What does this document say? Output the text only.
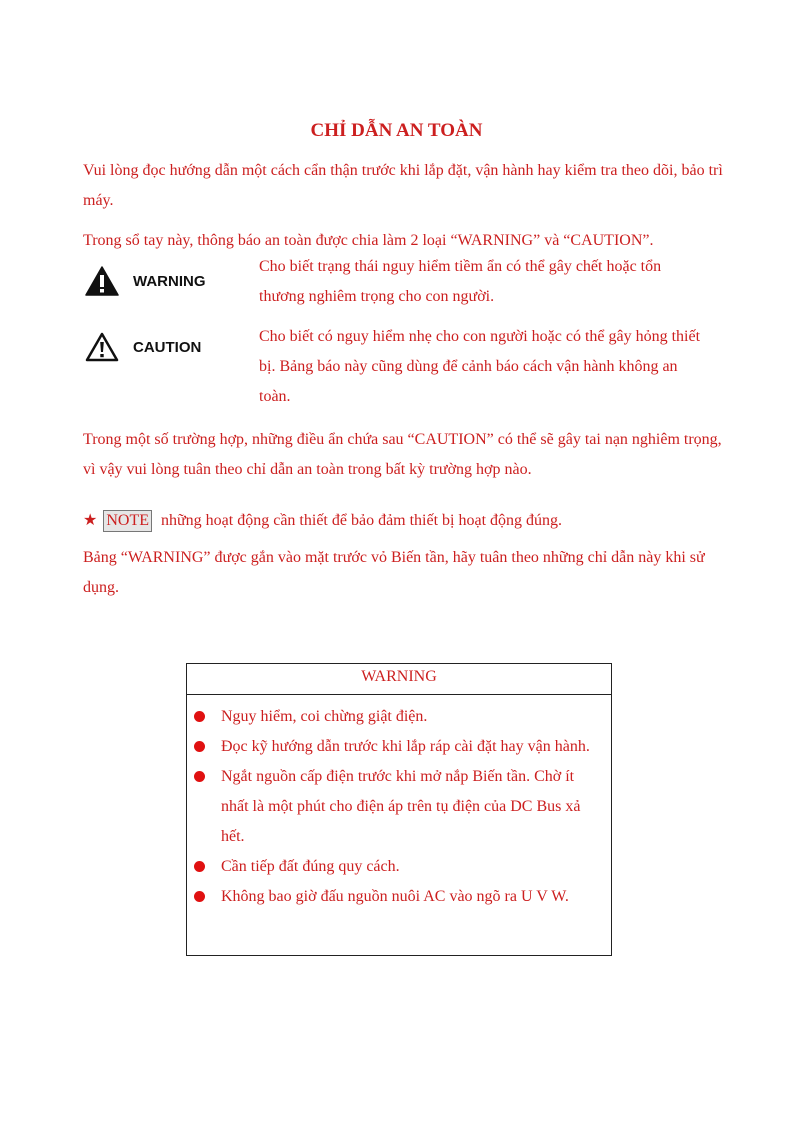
CHỈ DẪN AN TOÀN
Vui lòng đọc hướng dẫn một cách cẩn thận trước khi lắp đặt, vận hành hay kiểm tra theo dõi, bảo trì máy.
Trong sổ tay này, thông báo an toàn được chia làm 2 loại “WARNING” và “CAUTION”.
WARNING
Cho biết trạng thái nguy hiểm tiềm ẩn có thể gây chết hoặc tổn thương nghiêm trọng cho con người.
CAUTION
Cho biết có nguy hiểm nhẹ cho con người hoặc có thể gây hỏng thiết bị. Bảng báo này cũng dùng để cảnh báo cách vận hành không an toàn.
Trong một số trường hợp, những điều ẩn chứa sau “CAUTION” có thể sẽ gây tai nạn nghiêm trọng, vì vậy vui lòng tuân theo chỉ dẫn an toàn trong bất kỳ trường hợp nào.
★ NOTE những hoạt động cần thiết để bảo đảm thiết bị hoạt động đúng.
Bảng “WARNING” được gắn vào mặt trước vỏ Biến tần, hãy tuân theo những chỉ dẫn này khi sử dụng.
WARNING
Nguy hiểm, coi chừng giật điện.
Đọc kỹ hướng dẫn trước khi lắp ráp cài đặt hay vận hành.
Ngắt nguồn cấp điện trước khi mở nắp Biến tần. Chờ ít nhất là một phút cho điện áp trên tụ điện của DC Bus xả hết.
Cần tiếp đất đúng quy cách.
Không bao giờ đấu nguồn nuôi AC vào ngõ ra U V W.
